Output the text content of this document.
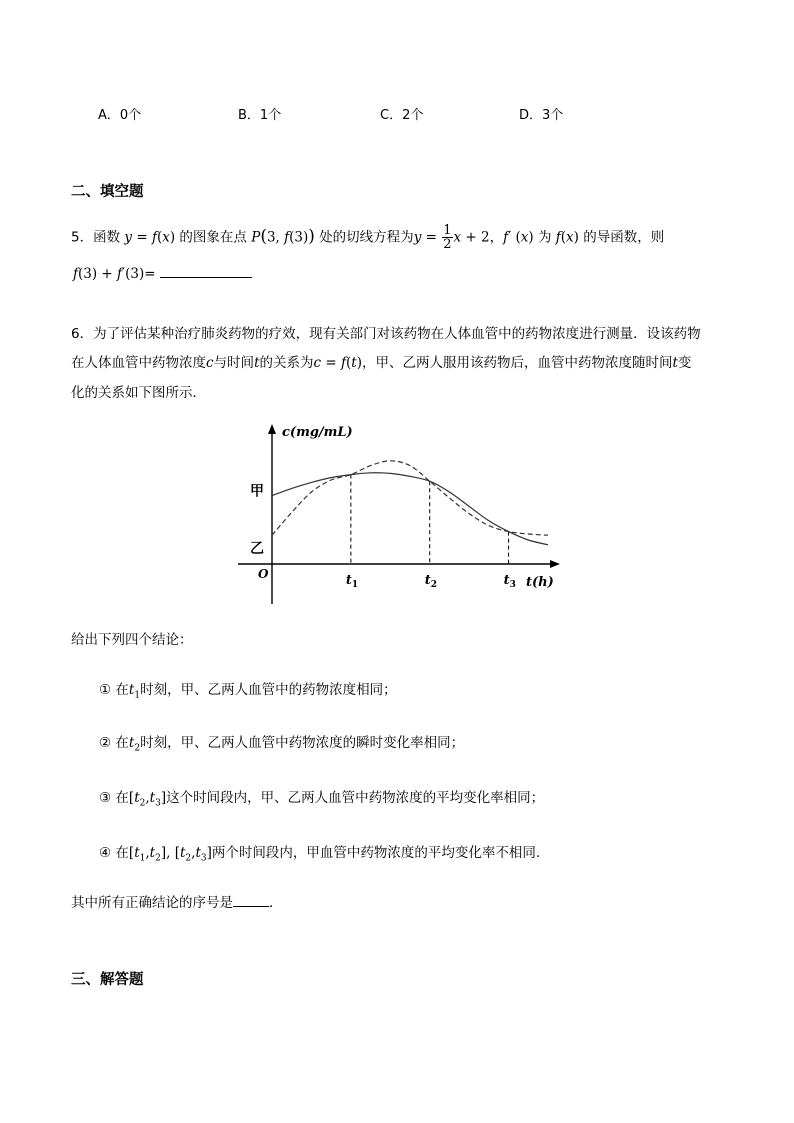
A．0个	B．1个	C．2个	D．3个
二、填空题
5．函数 y = f(x) 的图象在点 P(3, f(3)) 处的切线方程为$y = \frac{1}{2}$ x + 2，f′ (x) 为 f(x) 的导函数，则
f(3) + f′(3)=
6．为了评估某种治疗肺炎药物的疗效，现有关部门对该药物在人体血管中的药物浓度进行测量．设该药物
在人体血管中药物浓度c与时间t的关系为c = f(t)，甲、乙两人服用该药物后，血管中药物浓度随时间t变
化的关系如下图所示．
甲
乙
$t_1$	$t_2$	$t_3$
c(mg/mL)
t(h)
O
给出下列四个结论：
① 在$t_1$时刻，甲、乙两人血管中的药物浓度相同；
② 在$t_2$时刻，甲、乙两人血管中药物浓度的瞬时变化率相同；
③ 在$[t_2,t_3]$这个时间段内，甲、乙两人血管中药物浓度的平均变化率相同；
④ 在$[t_1,t_2]$, $[t_2,t_3]$两个时间段内，甲血管中药物浓度的平均变化率不相同.
其中所有正确结论的序号是	．
三、解答题
